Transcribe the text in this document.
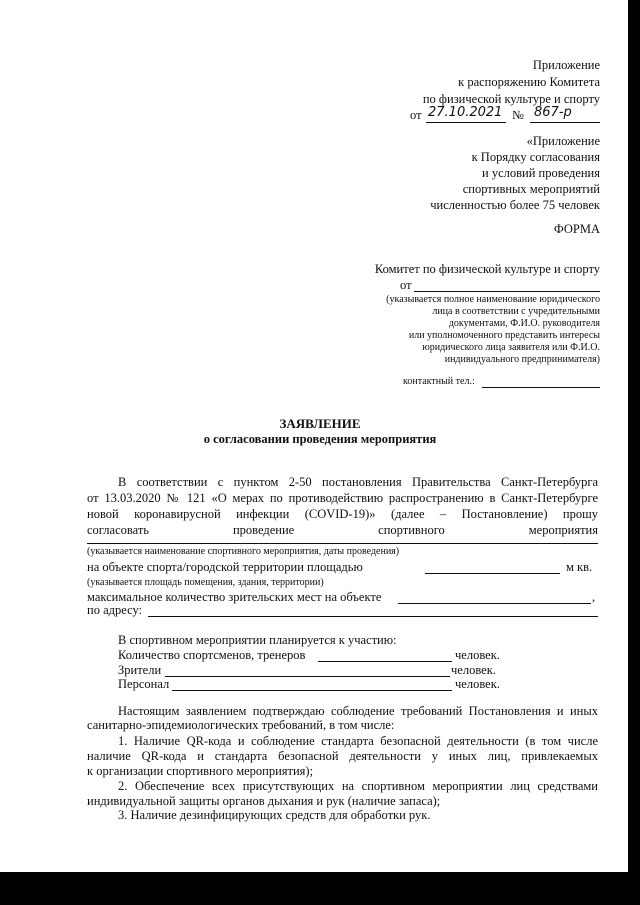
Приложение
к распоряжению Комитета
по физической культуре и спорту
от 27.10.2021 № 867-р
«Приложение
к Порядку согласования
и условий проведения
спортивных мероприятий
численностью более 75 человек
ФОРМА
Комитет по физической культуре и спорту
от
(указывается полное наименование юридического
лица в соответствии с учредительными
документами, Ф.И.О. руководителя
или уполномоченного представить интересы
юридического лица заявителя или Ф.И.О.
индивидуального предпринимателя)
контактный тел.:
ЗАЯВЛЕНИЕ
о согласовании проведения мероприятия
В соответствии с пунктом 2-50 постановления Правительства Санкт-Петербурга
от 13.03.2020 № 121 «О мерах по противодействию распространению в Санкт-Петербурге
новой коронавирусной инфекции (COVID-19)» (далее – Постановление) прошу
согласовать проведение спортивного мероприятия
(указывается наименование спортивного мероприятия, даты проведения)
на объекте спорта/городской территории площадью	м кв.
(указывается площадь помещения, здания, территории)
максимальное количество зрительских мест на объекте	,
по адресу:
В спортивном мероприятии планируется к участию:
Количество спортсменов, тренеров	человек.
Зрители	человек.
Персонал	человек.
Настоящим заявлением подтверждаю соблюдение требований Постановления и иных
санитарно-эпидемиологических требований, в том числе:
1. Наличие QR-кода и соблюдение стандарта безопасной деятельности (в том числе
наличие QR-кода и стандарта безопасной деятельности у иных лиц, привлекаемых
к организации спортивного мероприятия);
2. Обеспечение всех присутствующих на спортивном мероприятии лиц средствами
индивидуальной защиты органов дыхания и рук (наличие запаса);
3. Наличие дезинфицирующих средств для обработки рук.
